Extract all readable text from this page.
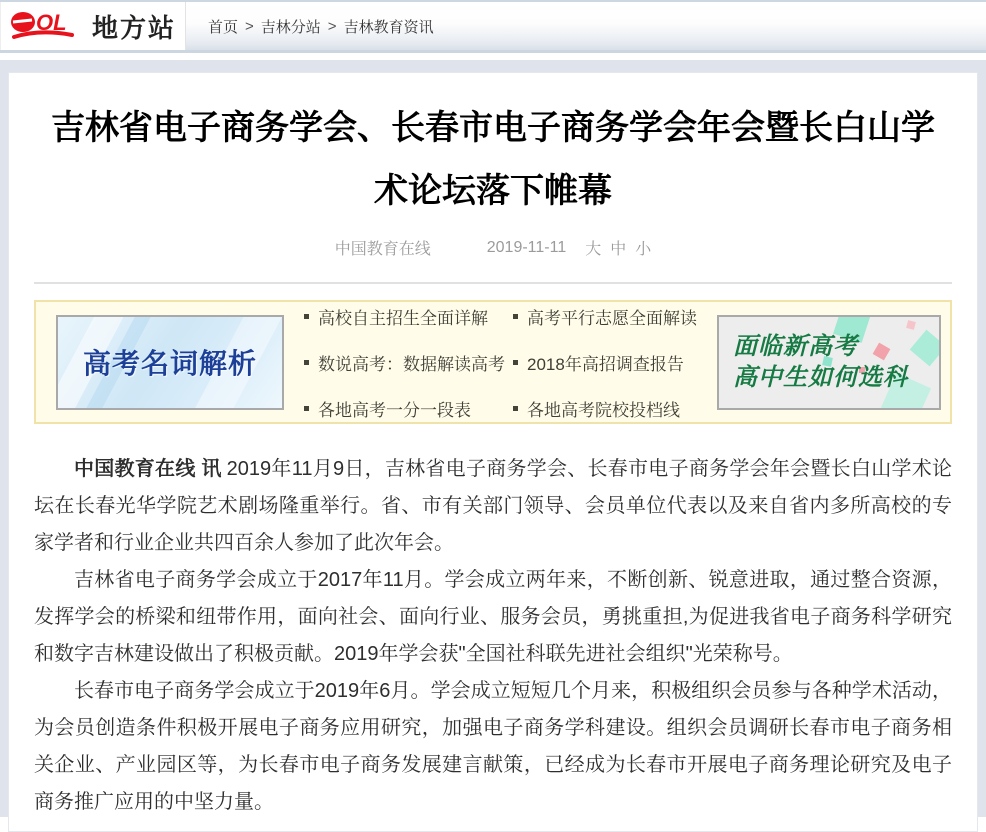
OL 地方站 首页 > 吉林分站 > 吉林教育资讯
吉林省电子商务学会、长春市电子商务学会年会暨长白山学术论坛落下帷幕
中国教育在线	2019-11-11 大 中 小
高考名词解析
高校自主招生全面详解 高考平行志愿全面解读
数说高考：数据解读高考 2018年高招调查报告
各地高考一分一段表	各地高考院校投档线
面临新高考
高中生如何选科

中国教育在线 讯 2019年11月9日，吉林省电子商务学会、长春市电子商务学会年会暨长白山学术论坛在长春光华学院艺术剧场隆重举行。省、市有关部门领导、会员单位代表以及来自省内多所高校的专家学者和行业企业共四百余人参加了此次年会。

吉林省电子商务学会成立于2017年11月。学会成立两年来，不断创新、锐意进取，通过整合资源，发挥学会的桥梁和纽带作用，面向社会、面向行业、服务会员，勇挑重担,为促进我省电子商务科学研究和数字吉林建设做出了积极贡献。2019年学会获"全国社科联先进社会组织"光荣称号。

长春市电子商务学会成立于2019年6月。学会成立短短几个月来，积极组织会员参与各种学术活动，为会员创造条件积极开展电子商务应用研究，加强电子商务学科建设。组织会员调研长春市电子商务相关企业、产业园区等，为长春市电子商务发展建言献策，已经成为长春市开展电子商务理论研究及电子商务推广应用的中坚力量。
